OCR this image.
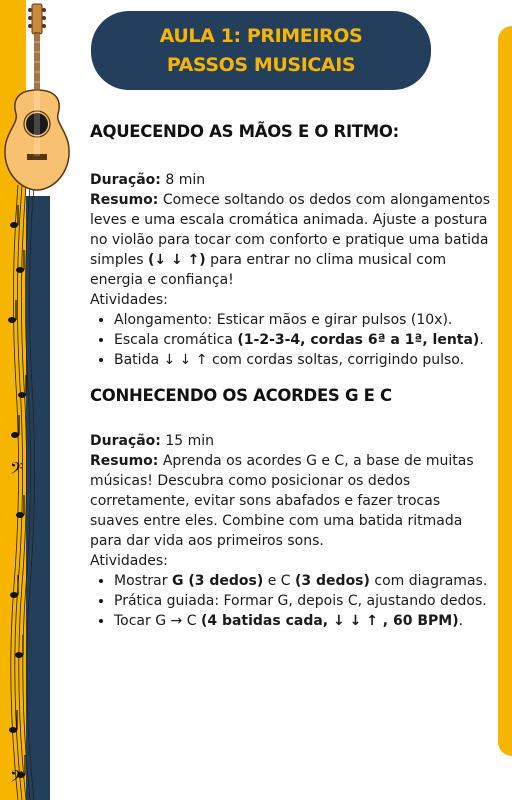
𝄢
𝄢
AULA 1: PRIMEIROS
PASSOS MUSICAIS
AQUECENDO AS MÃOS E O RITMO:

Duração: 8 min

Resumo: Comece soltando os dedos com alongamentos leves e uma escala cromática animada. Ajuste a postura no violão para tocar com conforto e pratique uma batida simples (↓ ↓ ↑) para entrar no clima musical com energia e confiança!

Atividades:

• Alongamento: Esticar mãos e girar pulsos (10x).
• Escala cromática (1-2-3-4, cordas 6ª a 1ª, lenta).
• Batida ↓ ↓ ↑ com cordas soltas, corrigindo pulso.
CONHECENDO OS ACORDES G E C

Duração: 15 min

Resumo: Aprenda os acordes G e C, a base de muitas músicas! Descubra como posicionar os dedos corretamente, evitar sons abafados e fazer trocas suaves entre eles. Combine com uma batida ritmada para dar vida aos primeiros sons.

Atividades:

• Mostrar G (3 dedos) e C (3 dedos) com diagramas.
• Prática guiada: Formar G, depois C, ajustando dedos.
• Tocar G → C (4 batidas cada, ↓ ↓ ↑ , 60 BPM).
